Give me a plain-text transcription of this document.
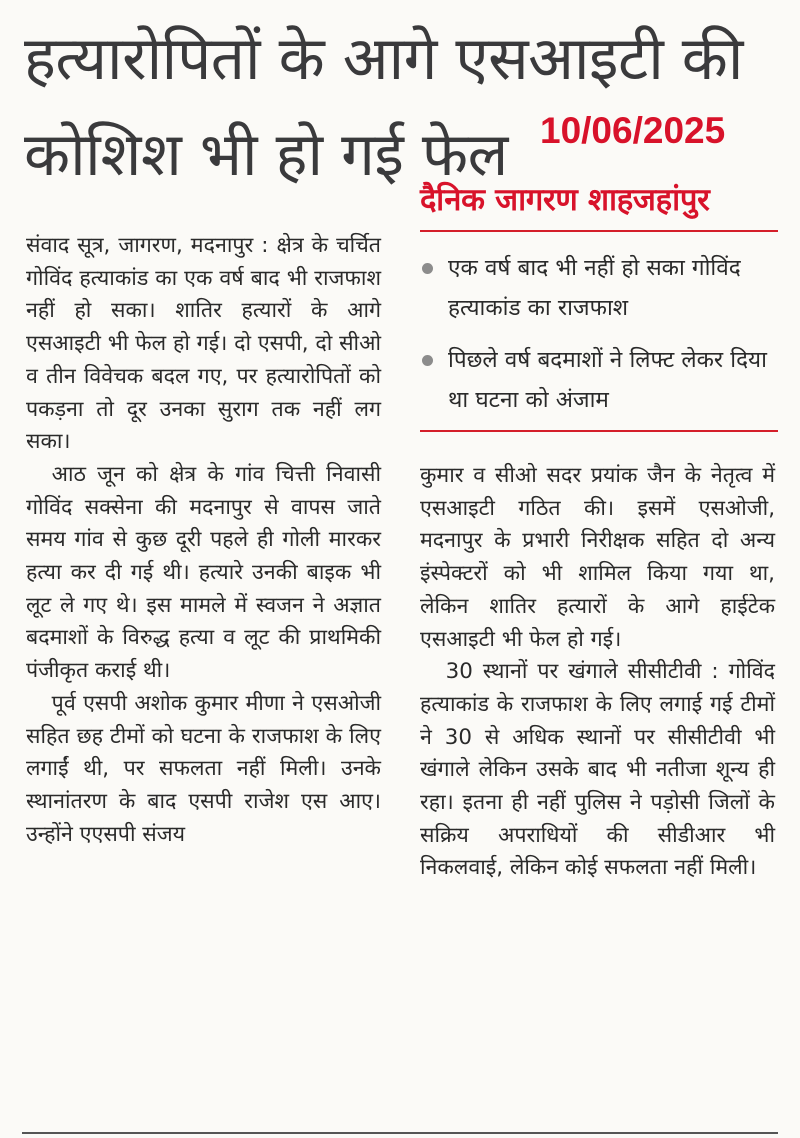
हत्यारोपितों के आगे एसआइटी की
कोशिश भी हो गई फेल 10/06/2025
दैनिक जागरण शाहजहांपुर
एक वर्ष बाद भी नहीं हो सका गोविंद हत्याकांड का राजफाश
पिछले वर्ष बदमाशों ने लिफ्ट लेकर दिया था घटना को अंजाम

संवाद सूत्र, जागरण, मदनापुर : क्षेत्र के चर्चित गोविंद हत्याकांड का एक वर्ष बाद भी राजफाश नहीं हो सका। शातिर हत्यारों के आगे एसआइटी भी फेल हो गई। दो एसपी, दो सीओ व तीन विवेचक बदल गए, पर हत्यारोपितों को पकड़ना तो दूर उनका सुराग तक नहीं लग सका।

आठ जून को क्षेत्र के गांव चित्ती निवासी गोविंद सक्सेना की मदनापुर से वापस जाते समय गांव से कुछ दूरी पहले ही गोली मारकर हत्या कर दी गई थी। हत्यारे उनकी बाइक भी लूट ले गए थे। इस मामले में स्वजन ने अज्ञात बदमाशों के विरुद्ध हत्या व लूट की प्राथमिकी पंजीकृत कराई थी।

पूर्व एसपी अशोक कुमार मीणा ने एसओजी सहित छह टीमों को घटना के राजफाश के लिए लगाईं थी, पर सफलता नहीं मिली। उनके स्थानांतरण के बाद एसपी राजेश एस आए। उन्होंने एएसपी संजय

कुमार व सीओ सदर प्रयांक जैन के नेतृत्व में एसआइटी गठित की। इसमें एसओजी, मदनापुर के प्रभारी निरीक्षक सहित दो अन्य इंस्पेक्टरों को भी शामिल किया गया था, लेकिन शातिर हत्यारों के आगे हाईटेक एसआइटी भी फेल हो गई।

30 स्थानों पर खंगाले सीसीटीवी : गोविंद हत्याकांड के राजफाश के लिए लगाई गई टीमों ने 30 से अधिक स्थानों पर सीसीटीवी भी खंगाले लेकिन उसके बाद भी नतीजा शून्य ही रहा। इतना ही नहीं पुलिस ने पड़ोसी जिलों के सक्रिय अपराधियों की सीडीआर भी निकलवाई, लेकिन कोई सफलता नहीं मिली।
